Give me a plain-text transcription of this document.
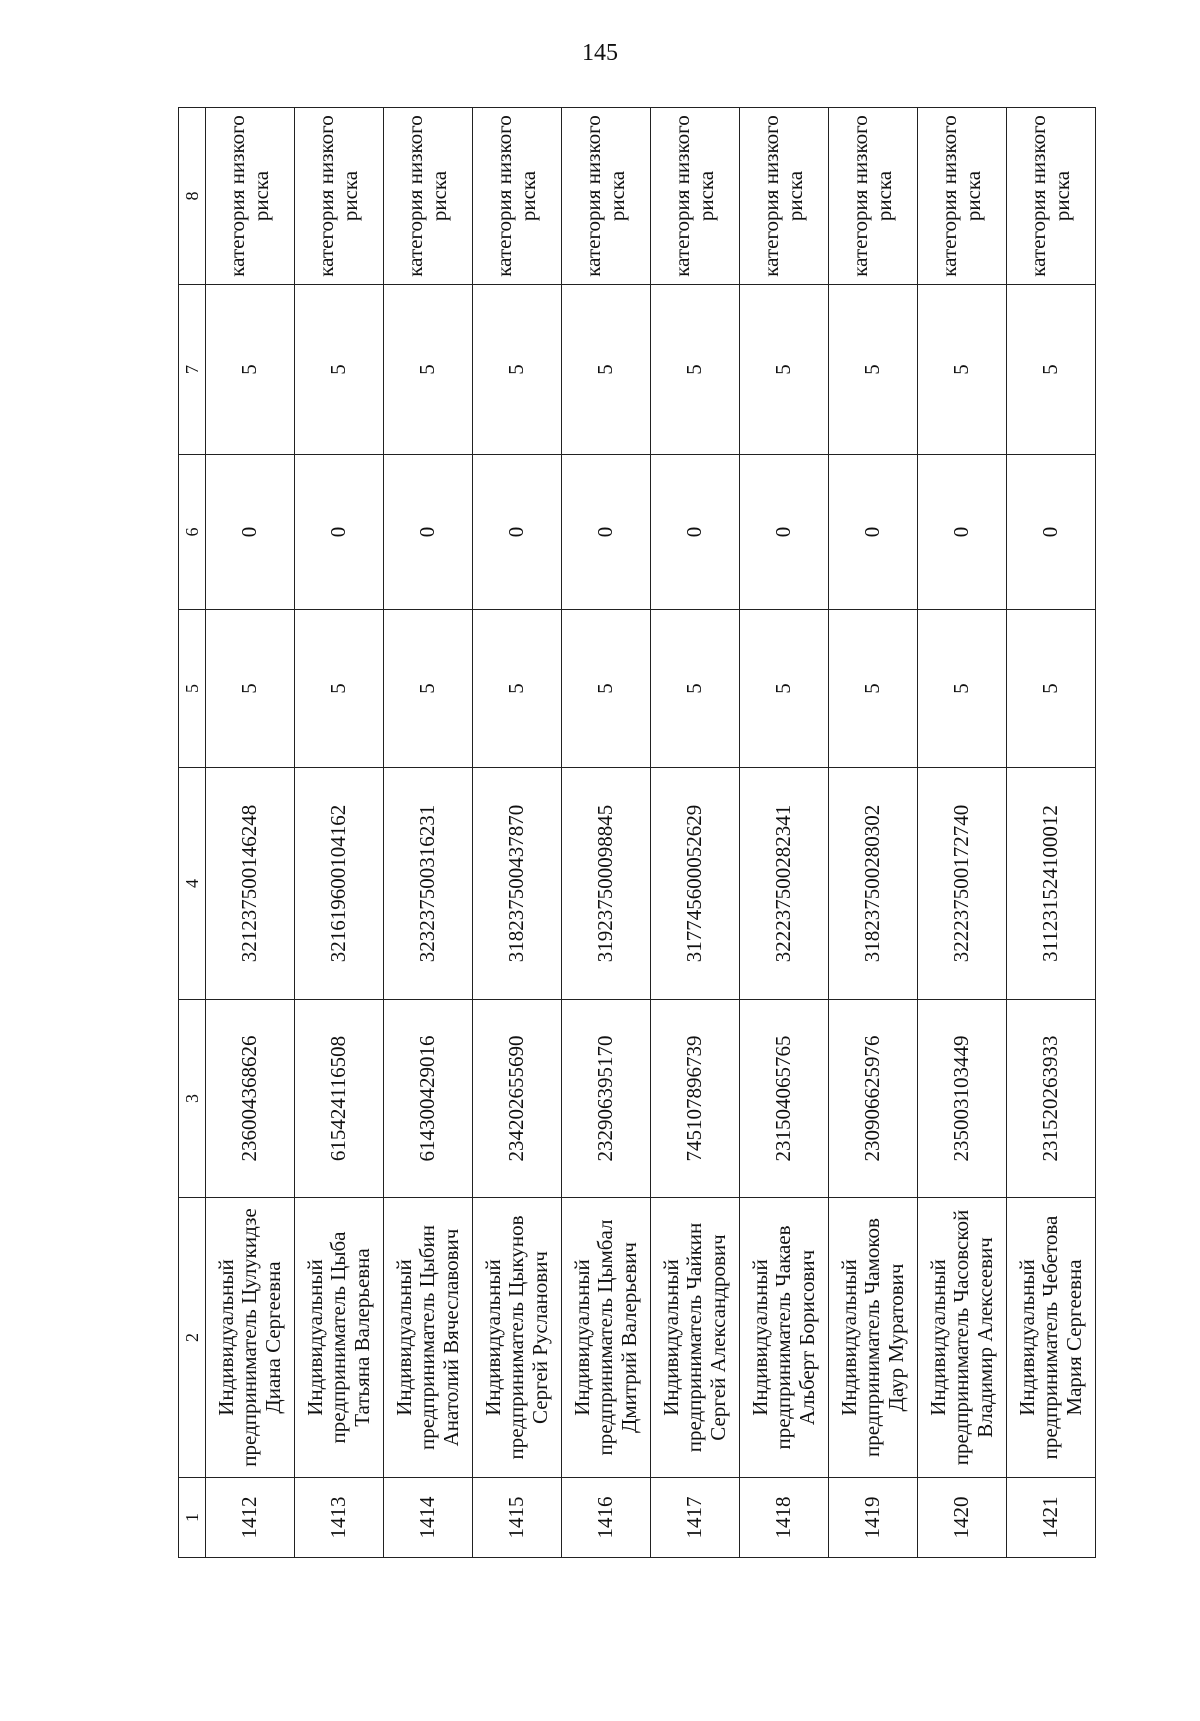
145
1	2	3	4	5	6	7	8
1412	Индивидуальный предприниматель Цулукидзе Диана Сергеевна	236004368626	321237500146248	5	0	5	категория низкого риска
1413	Индивидуальный предприниматель Цыба Татьяна Валерьевна	615424116508	321619600104162	5	0	5	категория низкого риска
1414	Индивидуальный предприниматель Цыбин Анатолий Вячеславович	614300429016	323237500316231	5	0	5	категория низкого риска
1415	Индивидуальный предприниматель Цыкунов Сергей Русланович	234202655690	318237500437870	5	0	5	категория низкого риска
1416	Индивидуальный предприниматель Цымбал Дмитрий Валерьевич	232906395170	319237500098845	5	0	5	категория низкого риска
1417	Индивидуальный предприниматель Чайкин Сергей Александрович	745107896739	317745600052629	5	0	5	категория низкого риска
1418	Индивидуальный предприниматель Чакаев Альберт Борисович	231504065765	322237500282341	5	0	5	категория низкого риска
1419	Индивидуальный предприниматель Чамоков Даур Муратович	230906625976	318237500280302	5	0	5	категория низкого риска
1420	Индивидуальный предприниматель Часовской Владимир Алексеевич	235003103449	322237500172740	5	0	5	категория низкого риска
1421	Индивидуальный предприниматель Чебетова Мария Сергеевна	231520263933	311231524100012	5	0	5	категория низкого риска
